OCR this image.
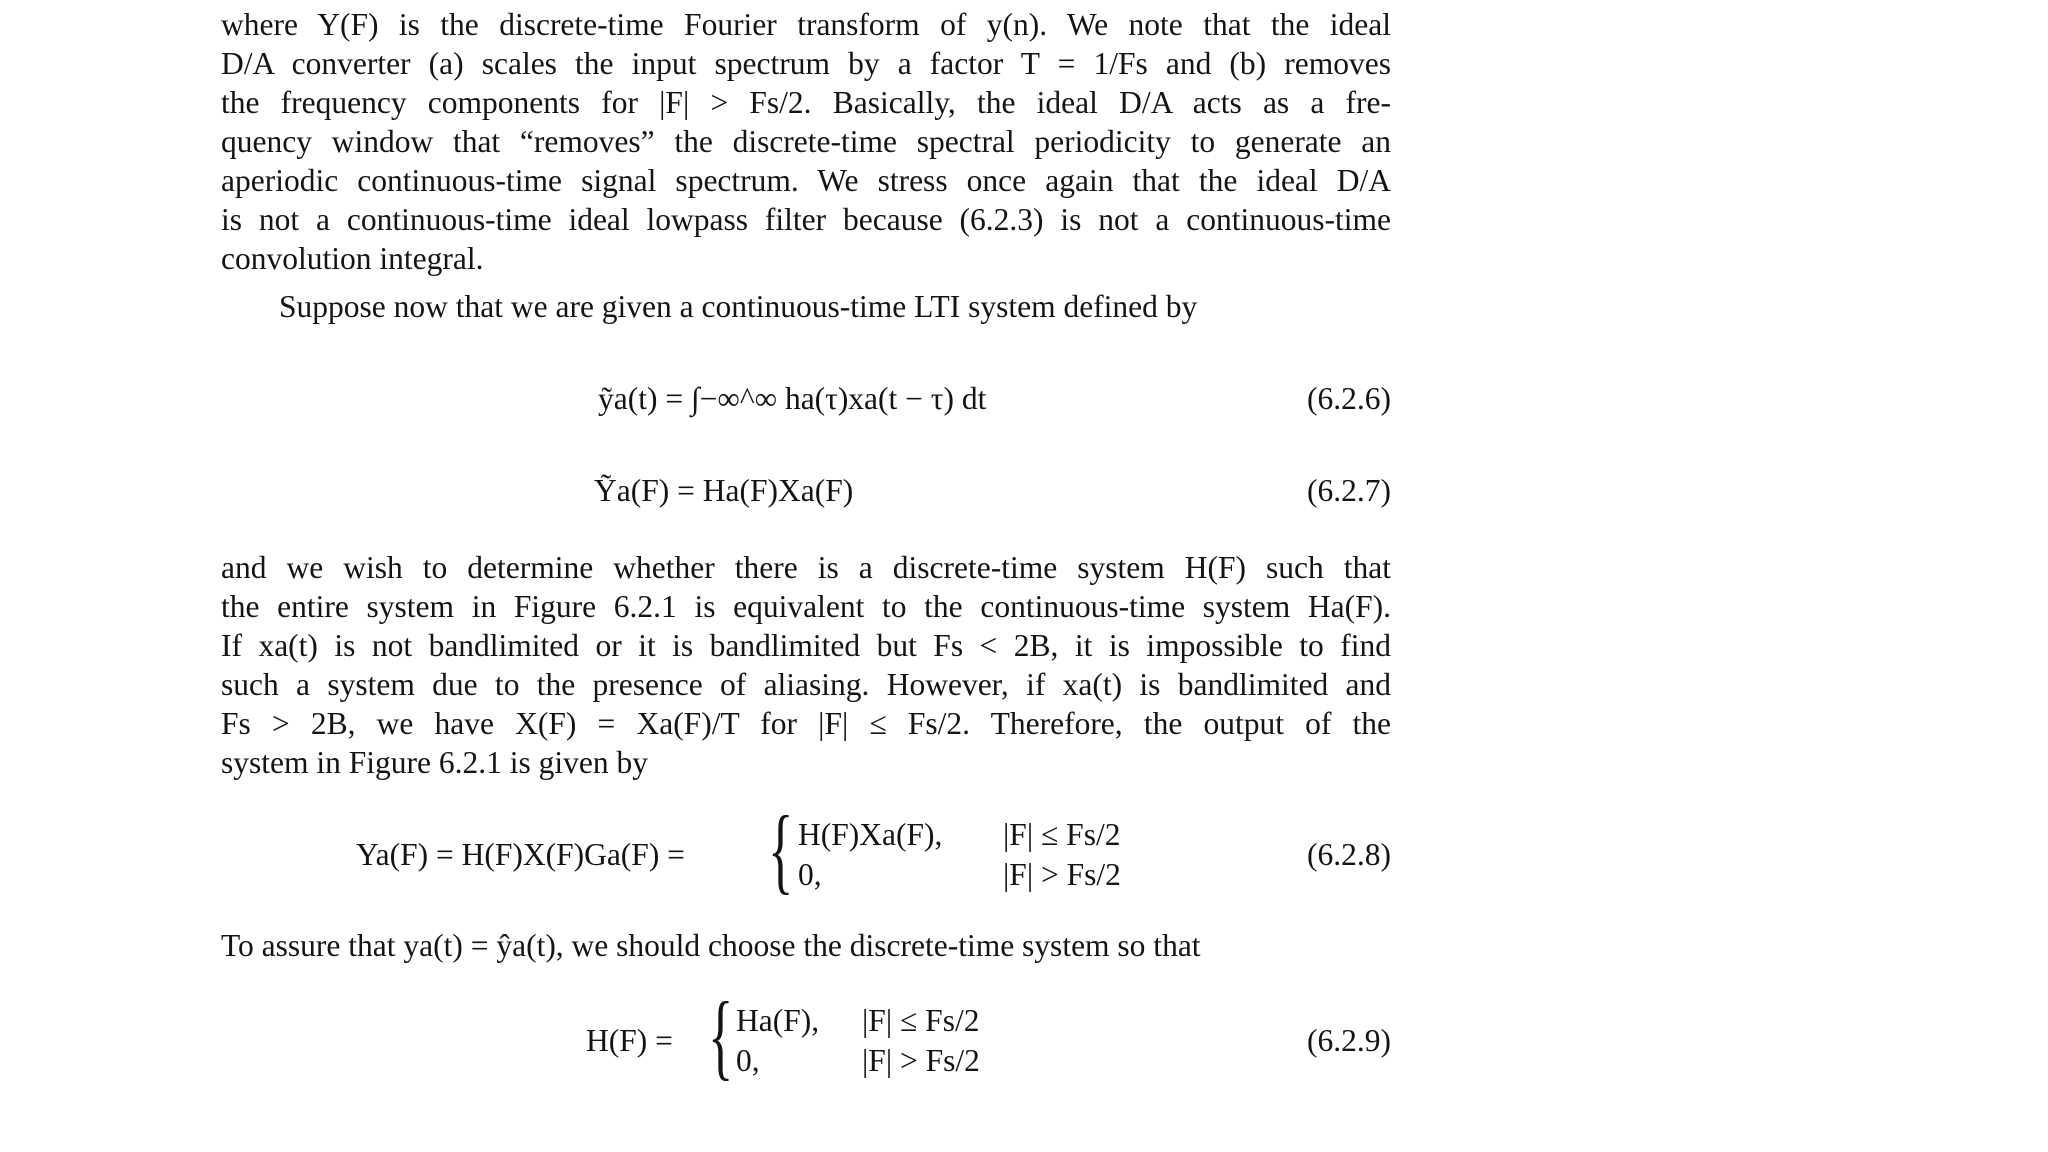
where Y(F) is the discrete-time Fourier transform of y(n). We note that the ideal
D/A converter (a) scales the input spectrum by a factor T = 1/Fs and (b) removes
the frequency components for |F| > Fs/2. Basically, the ideal D/A acts as a fre-
quency window that “removes” the discrete-time spectral periodicity to generate an
aperiodic continuous-time signal spectrum. We stress once again that the ideal D/A
is not a continuous-time ideal lowpass filter because (6.2.3) is not a continuous-time
convolution integral.
Suppose now that we are given a continuous-time LTI system defined by
ỹa(t) = ∫−∞^∞ ha(τ)xa(t − τ) dt	(6.2.6)
Ỹa(F) = Ha(F)Xa(F)	(6.2.7)
and we wish to determine whether there is a discrete-time system H(F) such that
the entire system in Figure 6.2.1 is equivalent to the continuous-time system Ha(F).
If xa(t) is not bandlimited or it is bandlimited but Fs < 2B, it is impossible to find
such a system due to the presence of aliasing. However, if xa(t) is bandlimited and
Fs > 2B, we have X(F) = Xa(F)/T for |F| ≤ Fs/2. Therefore, the output of the
system in Figure 6.2.1 is given by
Ya(F) = H(F)X(F)Ga(F) = { H(F)Xa(F), |F| ≤ Fs/2
0,	|F| > Fs/2
(6.2.8)
To assure that ya(t) = ŷa(t), we should choose the discrete-time system so that
H(F) = { Ha(F), |F| ≤ Fs/2
0,	|F| > Fs/2
(6.2.9)
